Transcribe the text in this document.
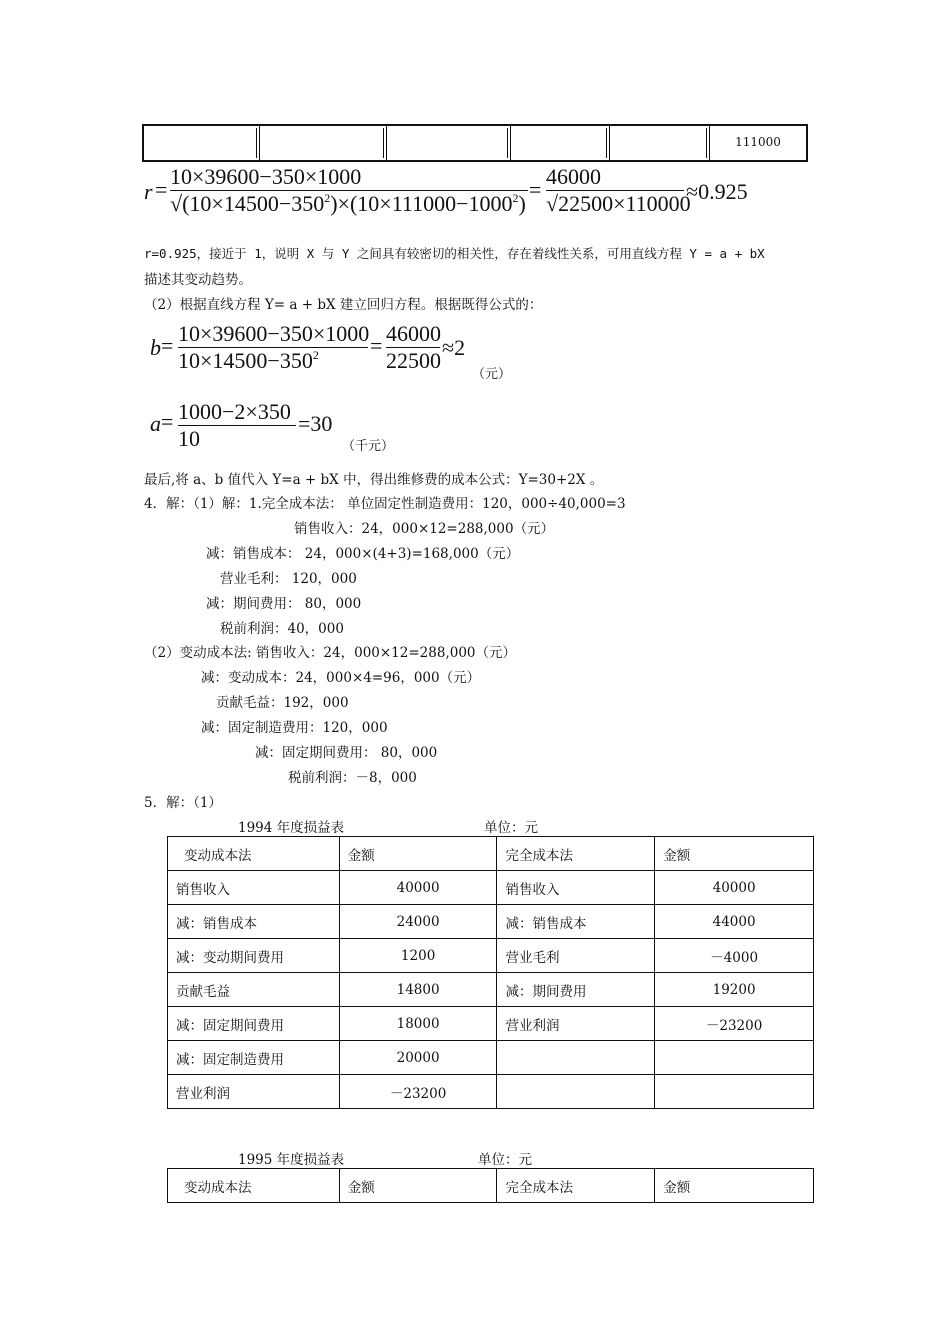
111000
r =
10×39600−350×1000
$√(10\times 14500-350^2)\times(10\times 111000-1000^2)$
=
46000
√22500×110000
≈0.925
r=0.925，接近于 1，说明 X 与 Y 之间具有较密切的相关性，存在着线性关系，可用直线方程 Y = a + bX
描述其变动趋势。
（2）根据直线方程 Y= a + bX 建立回归方程。根据既得公式的：
b = 10×39600−350×1000
$10\times 14500-350^2$	= 46000
22500
≈2
（元）
a = 1000−2×350
10
=30
（千元）
最后,将 a、b 值代入 Y=a + bX 中，得出维修费的成本公式：Y=30+2X 。
4．解：（1）解：1.完全成本法： 单位固定性制造费用：120，000÷40,000=3
销售收入：24，000×12=288,000（元）
减：销售成本： 24，000×(4+3)=168,000（元）
营业毛利： 120，000
减：期间费用： 80，000
税前利润：40，000
（2）变动成本法: 销售收入：24，000×12=288,000（元）
减：变动成本：24，000×4=96，000（元）
贡献毛益：192，000
减：固定制造费用：120，000
减：固定期间费用： 80，000
税前利润：－8，000
5．解：（1）
1994 年度损益表	单位：元
变动成本法	金额	完全成本法	金额
销售收入	40000	销售收入	40000
减：销售成本	24000	减：销售成本	44000
减：变动期间费用	1200	营业毛利	－4000
贡献毛益	14800	减：期间费用	19200
减：固定期间费用	18000	营业利润	－23200
减：固定制造费用	20000		
营业利润	－23200		
1995 年度损益表	单位：元
变动成本法	金额	完全成本法	金额
